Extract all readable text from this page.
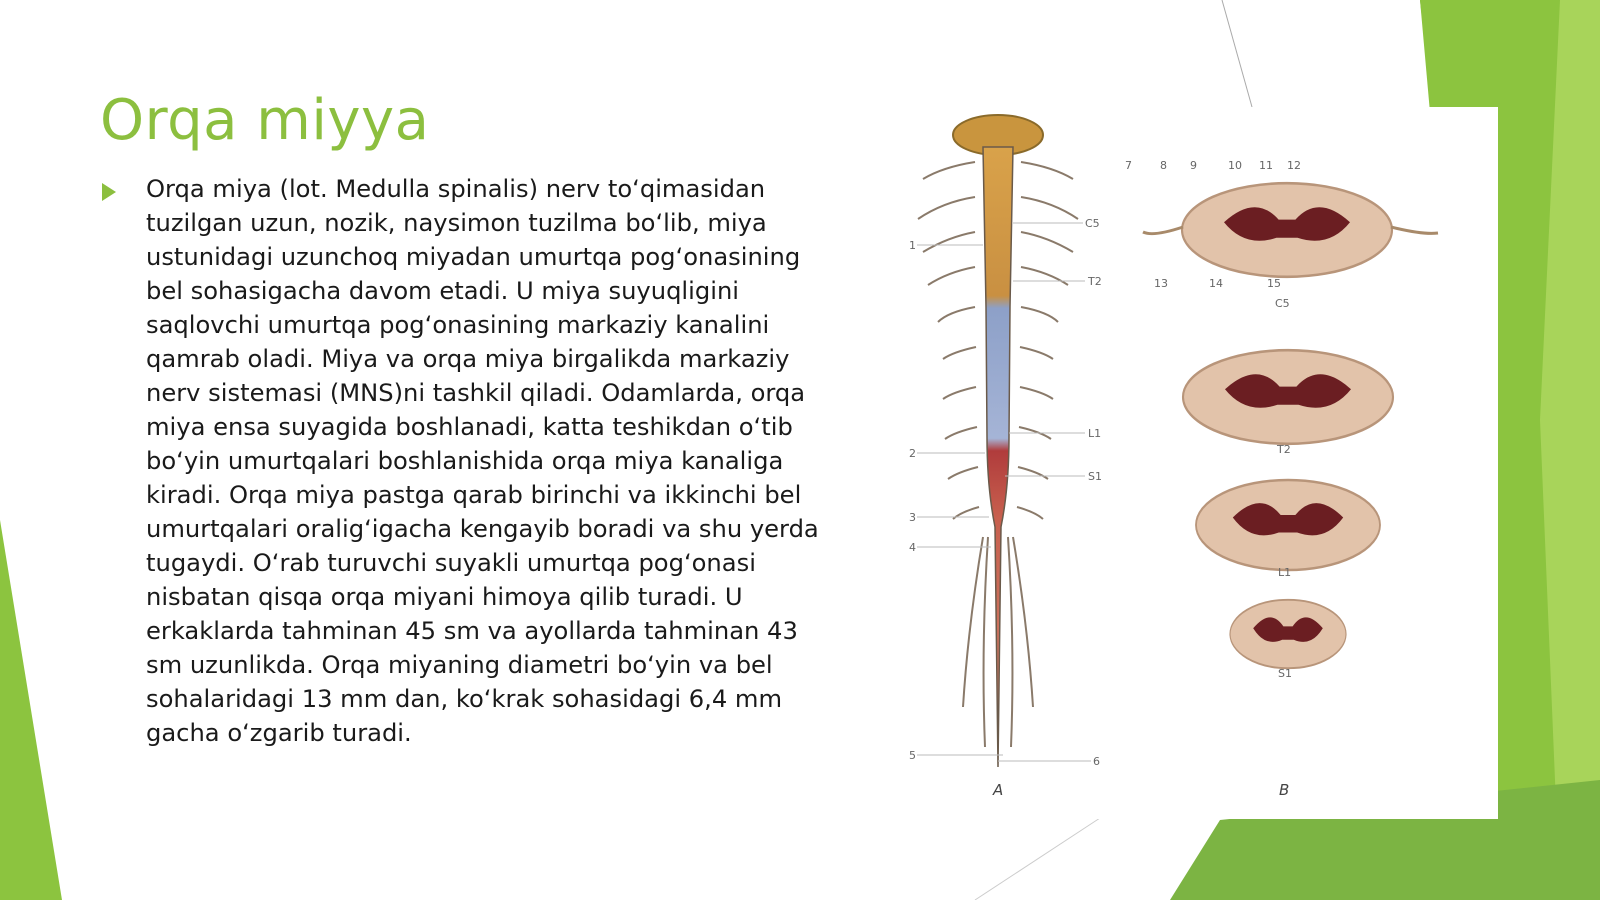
Orqa miyya

Orqa miya (lot. Medulla spinalis) nerv to‘qimasidan tuzilgan uzun, nozik, naysimon tuzilma bo‘lib, miya ustunidagi uzunchoq miyadan umurtqa pog‘onasining bel sohasigacha davom etadi. U miya suyuqligini saqlovchi umurtqa pog‘onasining markaziy kanalini qamrab oladi. Miya va orqa miya birgalikda markaziy nerv sistemasi (MNS)ni tashkil qiladi. Odamlarda, orqa miya ensa suyagida boshlanadi, katta teshikdan o‘tib bo‘yin umurtqalari boshlanishida orqa miya kanaliga kiradi. Orqa miya pastga qarab birinchi va ikkinchi bel umurtqalari oralig‘igacha kengayib boradi va shu yerda tugaydi. O‘rab turuvchi suyakli umurtqa pog‘onasi nisbatan qisqa orqa miyani himoya qilib turadi. U erkaklarda tahminan 45 sm va ayollarda tahminan 43 sm uzunlikda. Orqa miyaning diametri bo‘yin va bel sohalaridagi 13 mm dan, ko‘krak sohasidagi 6,4 mm gacha o‘zgarib turadi.

C5
T2
L1
S1
1
2
3
4
5	6
7	8 9	10 11 12
13	14	15
C5
T2
L1
S1
A	B
